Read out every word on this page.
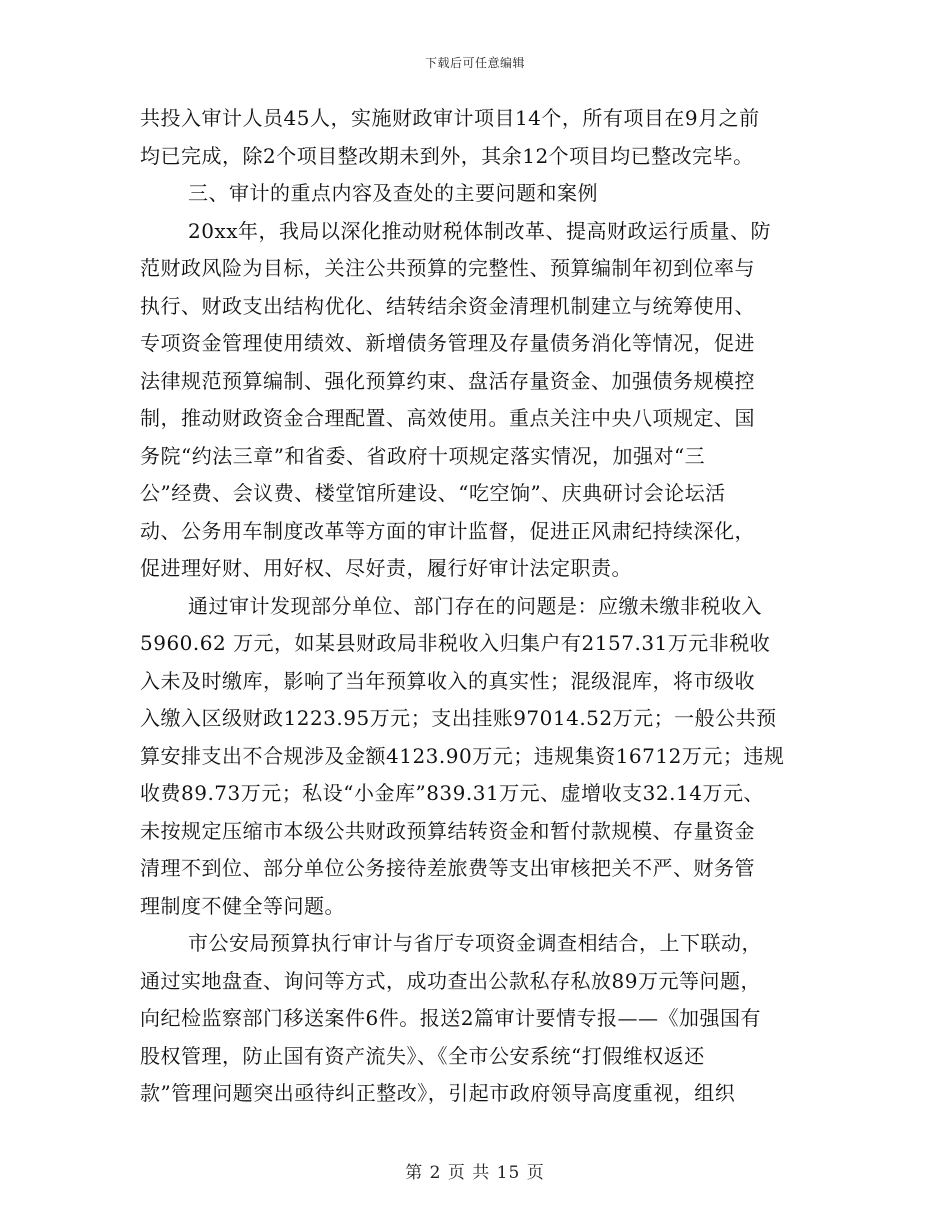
下载后可任意编辑
共投入审计人员45人，实施财政审计项目14个，所有项目在9月之前
均已完成，除2个项目整改期未到外，其余12个项目均已整改完毕。
三、审计的重点内容及查处的主要问题和案例
20xx年，我局以深化推动财税体制改革、提高财政运行质量、防
范财政风险为目标，关注公共预算的完整性、预算编制年初到位率与
执行、财政支出结构优化、结转结余资金清理机制建立与统筹使用、
专项资金管理使用绩效、新增债务管理及存量债务消化等情况，促进
法律规范预算编制、强化预算约束、盘活存量资金、加强债务规模控
制，推动财政资金合理配置、高效使用。重点关注中央八项规定、国
务院“约法三章”和省委、省政府十项规定落实情况，加强对“三
公”经费、会议费、楼堂馆所建设、“吃空饷”、庆典研讨会论坛活
动、公务用车制度改革等方面的审计监督，促进正风肃纪持续深化，
促进理好财、用好权、尽好责，履行好审计法定职责。
通过审计发现部分单位、部门存在的问题是：应缴未缴非税收入
5960.62 万元，如某县财政局非税收入归集户有2157.31万元非税收
入未及时缴库，影响了当年预算收入的真实性；混级混库，将市级收
入缴入区级财政1223.95万元；支出挂账97014.52万元；一般公共预
算安排支出不合规涉及金额4123.90万元；违规集资16712万元；违规
收费89.73万元；私设“小金库”839.31万元、虚增收支32.14万元、
未按规定压缩市本级公共财政预算结转资金和暂付款规模、存量资金
清理不到位、部分单位公务接待差旅费等支出审核把关不严、财务管
理制度不健全等问题。
市公安局预算执行审计与省厅专项资金调查相结合，上下联动，
通过实地盘查、询问等方式，成功查出公款私存私放89万元等问题，
向纪检监察部门移送案件6件。报送2篇审计要情专报——《加强国有
股权管理，防止国有资产流失》、《全市公安系统“打假维权返还
款”管理问题突出亟待纠正整改》，引起市政府领导高度重视，组织
第 2 页 共 15 页
